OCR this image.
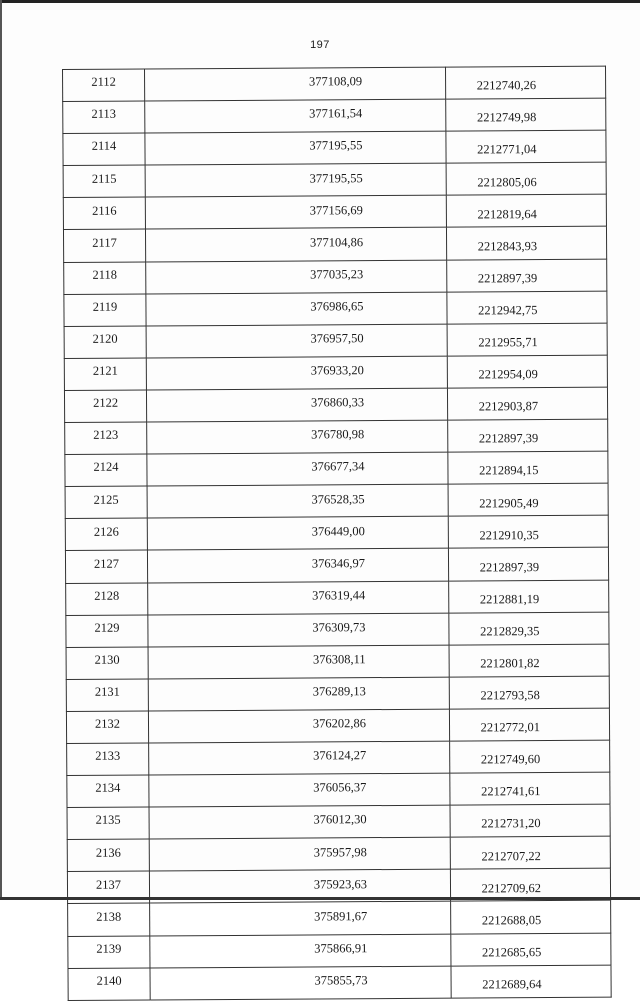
197
2112	377108,09	2212740,26
2113	377161,54	2212749,98
2114	377195,55	2212771,04
2115	377195,55	2212805,06
2116	377156,69	2212819,64
2117	377104,86	2212843,93
2118	377035,23	2212897,39
2119	376986,65	2212942,75
2120	376957,50	2212955,71
2121	376933,20	2212954,09
2122	376860,33	2212903,87
2123	376780,98	2212897,39
2124	376677,34	2212894,15
2125	376528,35	2212905,49
2126	376449,00	2212910,35
2127	376346,97	2212897,39
2128	376319,44	2212881,19
2129	376309,73	2212829,35
2130	376308,11	2212801,82
2131	376289,13	2212793,58
2132	376202,86	2212772,01
2133	376124,27	2212749,60
2134	376056,37	2212741,61
2135	376012,30	2212731,20
2136	375957,98	2212707,22
2137	375923,63	2212709,62
2138	375891,67	2212688,05
2139	375866,91	2212685,65
2140	375855,73	2212689,64
